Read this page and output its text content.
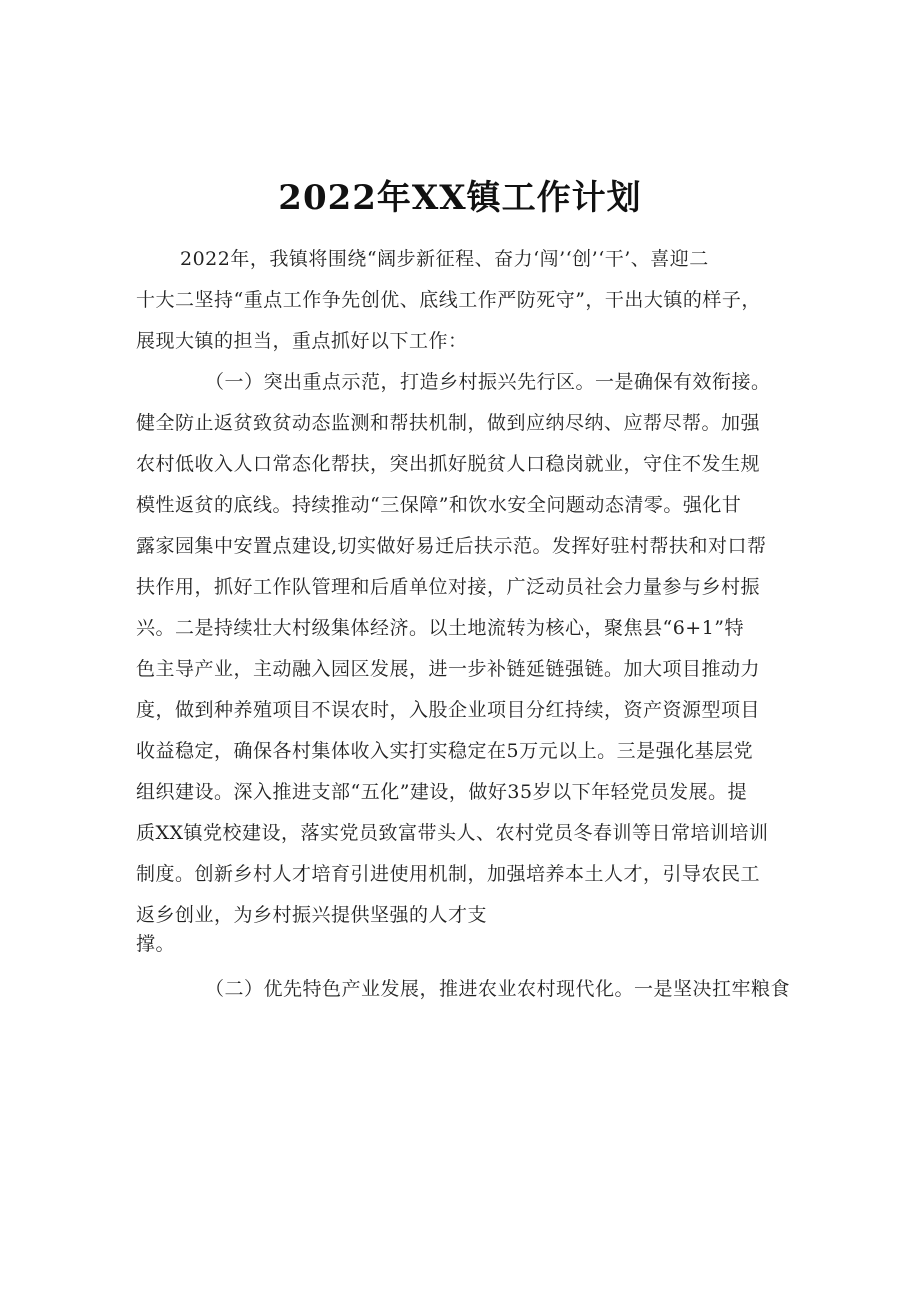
2022年XX镇工作计划
2022年，我镇将围绕“阔步新征程、奋力‘闯’‘创’‘干’、喜迎二
十大二坚持“重点工作争先创优、底线工作严防死守”，干出大镇的样子，
展现大镇的担当，重点抓好以下工作：
（一）突出重点示范，打造乡村振兴先行区。一是确保有效衔接。
健全防止返贫致贫动态监测和帮扶机制，做到应纳尽纳、应帮尽帮。加强
农村低收入人口常态化帮扶，突出抓好脱贫人口稳岗就业，守住不发生规
模性返贫的底线。持续推动“三保障”和饮水安全问题动态清零。强化甘
露家园集中安置点建设,切实做好易迁后扶示范。发挥好驻村帮扶和对口帮
扶作用，抓好工作队管理和后盾单位对接，广泛动员社会力量参与乡村振
兴。二是持续壮大村级集体经济。以土地流转为核心，聚焦县“6+1”特
色主导产业，主动融入园区发展，进一步补链延链强链。加大项目推动力
度，做到种养殖项目不误农时，入股企业项目分红持续，资产资源型项目
收益稳定，确保各村集体收入实打实稳定在5万元以上。三是强化基层党
组织建设。深入推进支部“五化”建设，做好35岁以下年轻党员发展。提
质XX镇党校建设，落实党员致富带头人、农村党员冬春训等日常培训培训
制度。创新乡村人才培育引进使用机制，加强培养本土人才，引导农民工
返乡创业，为乡村振兴提供坚强的人才支
撑。
（二）优先特色产业发展，推进农业农村现代化。一是坚决扛牢粮食
